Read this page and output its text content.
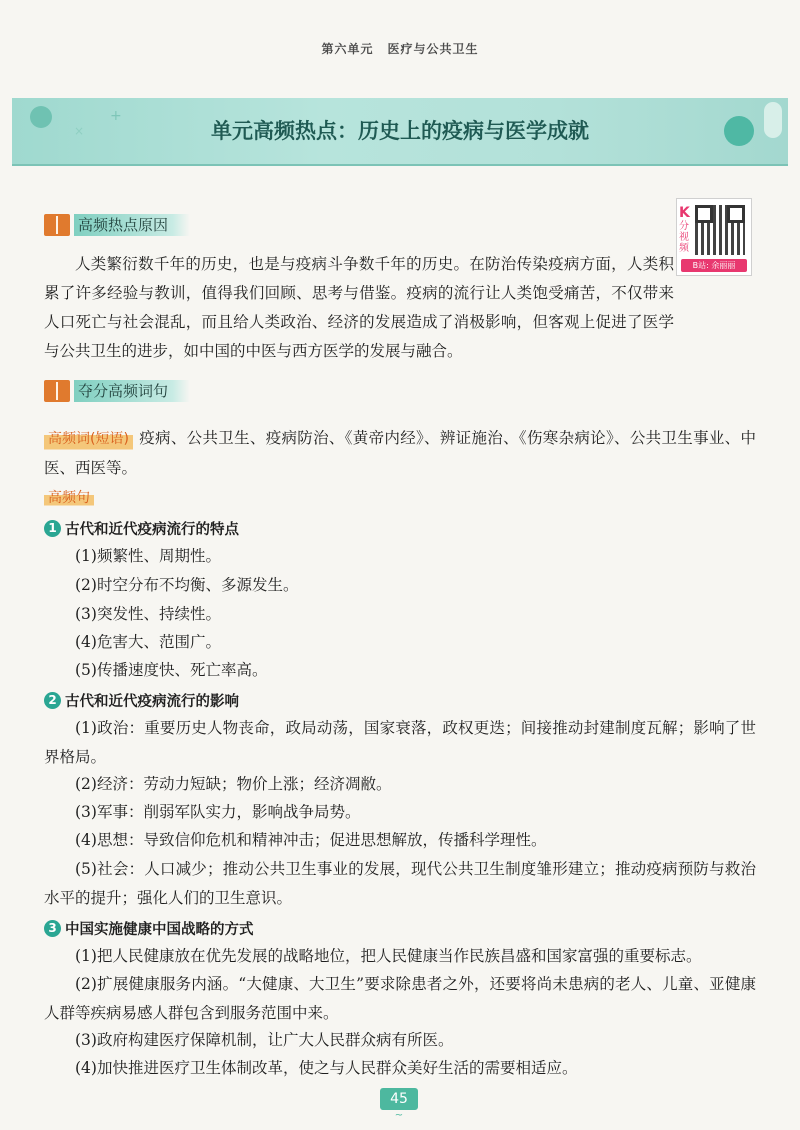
第六单元 医疗与公共卫生
+
×	单元高频热点：历史上的疫病与医学成就
高频热点原因
K
分视频
B站: 余丽丽
人类繁衍数千年的历史，也是与疫病斗争数千年的历史。在防治传染疫病方面，人类积累了许多经验与教训，值得我们回顾、思考与借鉴。疫病的流行让人类饱受痛苦，不仅带来人口死亡与社会混乱，而且给人类政治、经济的发展造成了消极影响，但客观上促进了医学与公共卫生的进步，如中国的中医与西方医学的发展与融合。
夺分高频词句
高频词(短语) 疫病、公共卫生、疫病防治、《黄帝内经》、辨证施治、《伤寒杂病论》、公共卫生事业、中医、西医等。
高频句
1 古代和近代疫病流行的特点
(1)频繁性、周期性。
(2)时空分布不均衡、多源发生。
(3)突发性、持续性。
(4)危害大、范围广。
(5)传播速度快、死亡率高。
2 古代和近代疫病流行的影响
(1)政治：重要历史人物丧命，政局动荡，国家衰落，政权更迭；间接推动封建制度瓦解；影响了世界格局。
(2)经济：劳动力短缺；物价上涨；经济凋敝。
(3)军事：削弱军队实力，影响战争局势。
(4)思想：导致信仰危机和精神冲击；促进思想解放，传播科学理性。
(5)社会：人口减少；推动公共卫生事业的发展，现代公共卫生制度雏形建立；推动疫病预防与救治水平的提升；强化人们的卫生意识。
3 中国实施健康中国战略的方式
(1)把人民健康放在优先发展的战略地位，把人民健康当作民族昌盛和国家富强的重要标志。
(2)扩展健康服务内涵。“大健康、大卫生”要求除患者之外，还要将尚未患病的老人、儿童、亚健康人群等疾病易感人群包含到服务范围中来。
(3)政府构建医疗保障机制，让广大人民群众病有所医。
(4)加快推进医疗卫生体制改革，使之与人民群众美好生活的需要相适应。
45
~
